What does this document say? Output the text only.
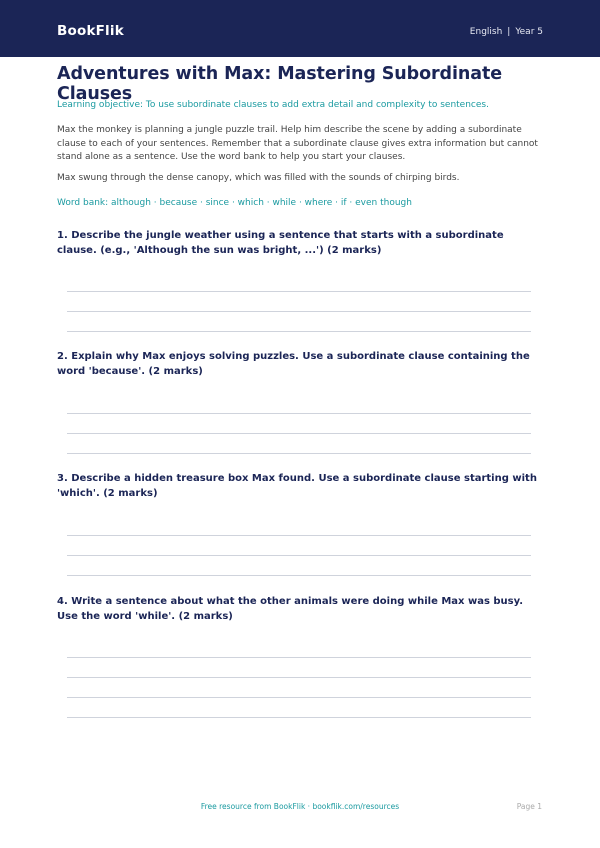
BookFlik	English | Year 5
Adventures with Max: Mastering Subordinate Clauses
Learning objective: To use subordinate clauses to add extra detail and complexity to sentences.
Max the monkey is planning a jungle puzzle trail. Help him describe the scene by adding a subordinate clause to each of your sentences. Remember that a subordinate clause gives extra information but cannot stand alone as a sentence. Use the word bank to help you start your clauses.
Max swung through the dense canopy, which was filled with the sounds of chirping birds.
Word bank: although · because · since · which · while · where · if · even though
1. Describe the jungle weather using a sentence that starts with a subordinate clause. (e.g., 'Although the sun was bright, ...') (2 marks)
2. Explain why Max enjoys solving puzzles. Use a subordinate clause containing the word 'because'. (2 marks)
3. Describe a hidden treasure box Max found. Use a subordinate clause starting with 'which'. (2 marks)
4. Write a sentence about what the other animals were doing while Max was busy. Use the word 'while'. (2 marks)
Free resource from BookFlik · bookflik.com/resources	Page 1
